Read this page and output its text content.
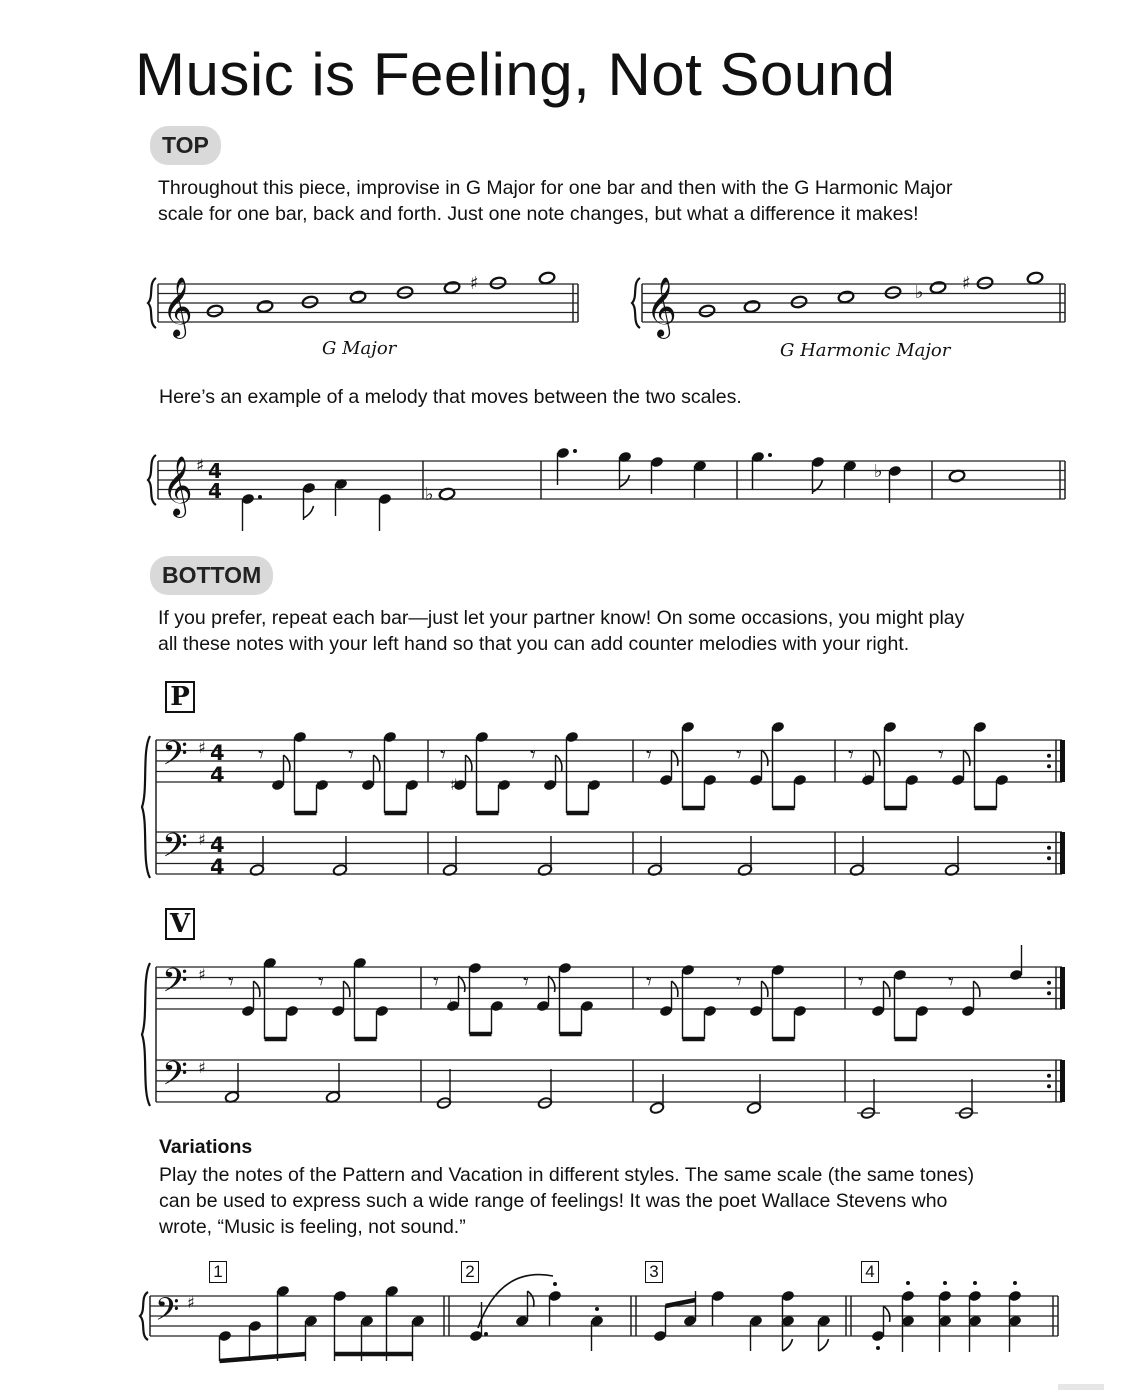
Music is Feeling, Not Sound
TOP
Throughout this piece, improvise in G Major for one bar and then with the G Harmonic Major
scale for one bar, back and forth. Just one note changes, but what a difference it makes!
G Major	G Harmonic Major
Here’s an example of a melody that moves between the two scales.
BOTTOM
If you prefer, repeat each bar—just let your partner know! On some occasions, you might play
all these notes with your left hand so that you can add counter melodies with your right.
P
V
Variations
Play the notes of the Pattern and Vacation in different styles. The same scale (the same tones)
can be used to express such a wide range of feelings! It was the poet Wallace Stevens who
wrote, “Music is feeling, not sound.”
1	2	3	4
𝄞	♯	𝄞	♭ ♯
𝄞 ♯ 4
4	♭
♭
𝄢 ♯ 4
4
𝄢 ♯ 4
4
𝄾	𝄾	𝄾	𝄾
♯
𝄾	𝄾	𝄾	𝄾
♭
𝄢 ♯
𝄢 ♯
𝄾	𝄾	𝄾	𝄾
♭
𝄾	𝄾	𝄾	𝄾
𝄢 ♯
